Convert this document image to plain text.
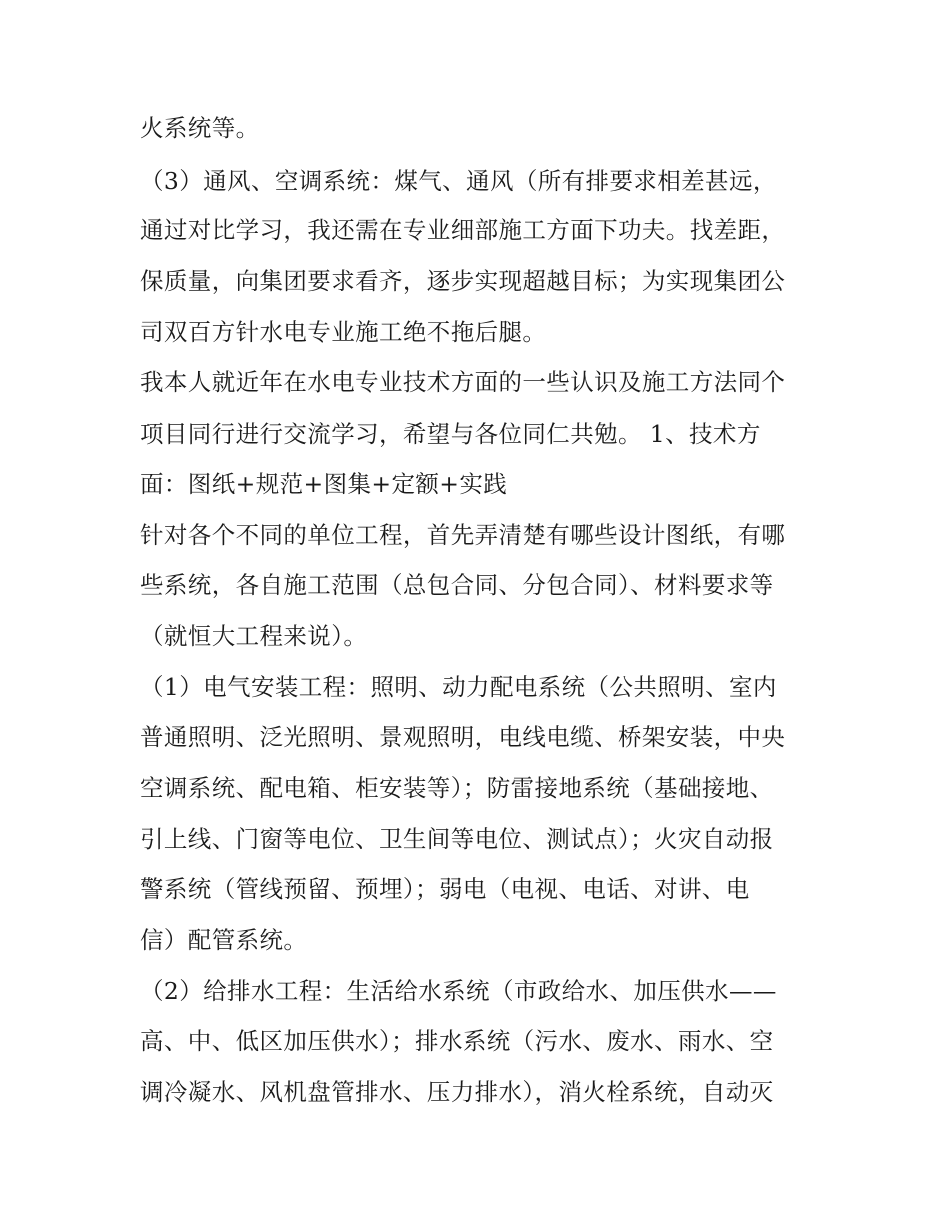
火系统等。

（3）通风、空调系统：煤气、通风（所有排要求相差甚远，

通过对比学习，我还需在专业细部施工方面下功夫。找差距，

保质量，向集团要求看齐，逐步实现超越目标；为实现集团公

司双百方针水电专业施工绝不拖后腿。

我本人就近年在水电专业技术方面的一些认识及施工方法同个

项目同行进行交流学习，希望与各位同仁共勉。 1、技术方

面：图纸+规范+图集+定额+实践

针对各个不同的单位工程，首先弄清楚有哪些设计图纸，有哪

些系统，各自施工范围（总包合同、分包合同）、材料要求等

（就恒大工程来说）。

（1）电气安装工程：照明、动力配电系统（公共照明、室内

普通照明、泛光照明、景观照明，电线电缆、桥架安装，中央

空调系统、配电箱、柜安装等）；防雷接地系统（基础接地、

引上线、门窗等电位、卫生间等电位、测试点）；火灾自动报

警系统（管线预留、预埋）；弱电（电视、电话、对讲、电

信）配管系统。

（2）给排水工程：生活给水系统（市政给水、加压供水——

高、中、低区加压供水）；排水系统（污水、废水、雨水、空

调冷凝水、风机盘管排水、压力排水），消火栓系统，自动灭
